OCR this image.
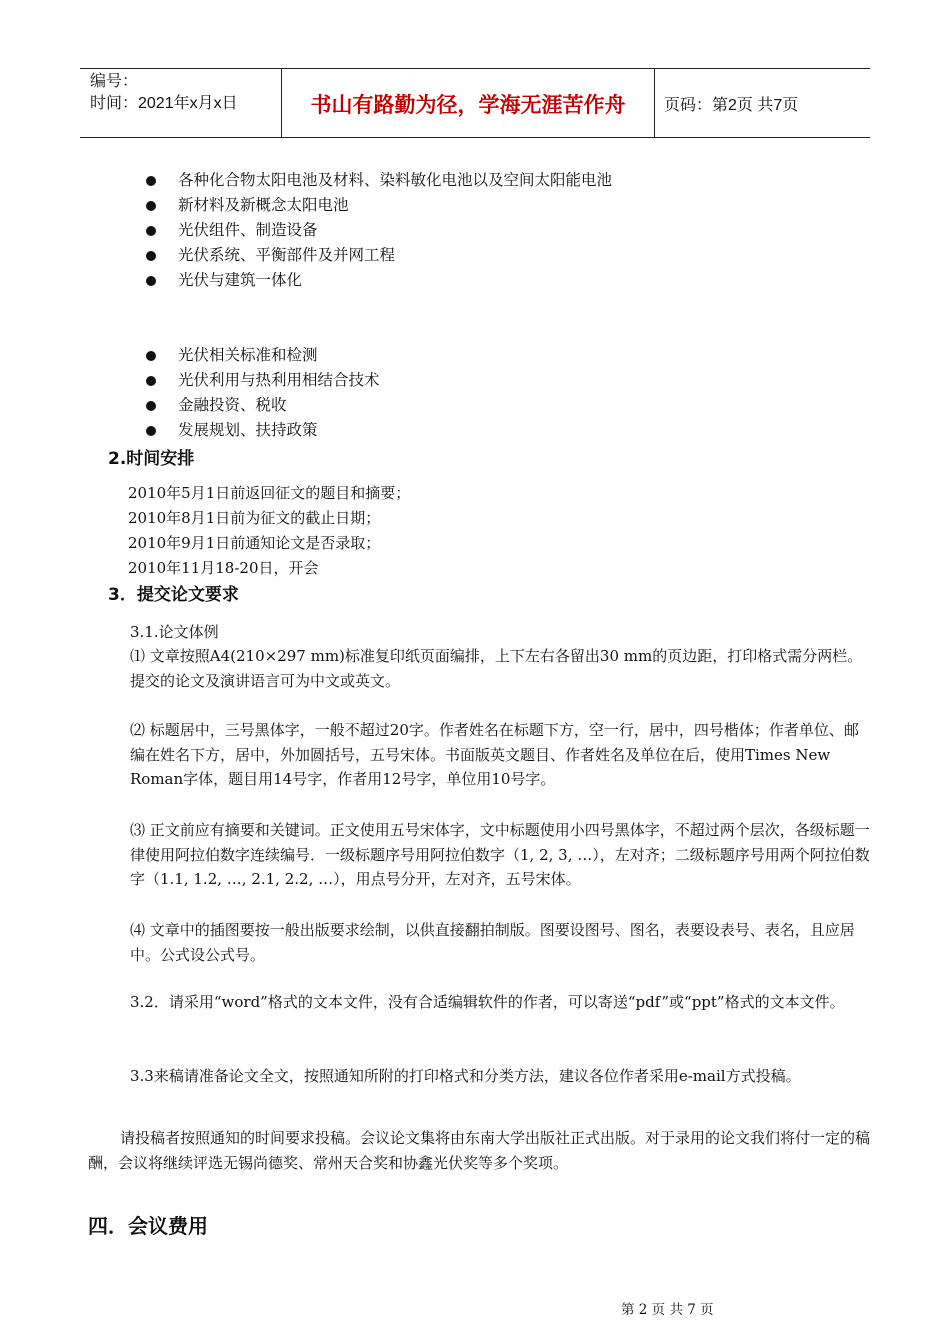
编号：
时间：2021年x月x日	书山有路勤为径，学海无涯苦作舟	页码：第2页 共7页
各种化合物太阳电池及材料、染料敏化电池以及空间太阳能电池
新材料及新概念太阳电池
光伏组件、制造设备
光伏系统、平衡部件及并网工程
光伏与建筑一体化
光伏相关标准和检测
光伏利用与热利用相结合技术
金融投资、税收
发展规划、扶持政策
2.时间安排
2010年5月1日前返回征文的题目和摘要；
2010年8月1日前为征文的截止日期；
2010年9月1日前通知论文是否录取；
2010年11月18-20日，开会
3．提交论文要求
3.1.论文体例
⑴ 文章按照A4(210×297 mm)标准复印纸页面编排，上下左右各留出30 mm的页边距，打印格式需分两栏。提交的论文及演讲语言可为中文或英文。
⑵ 标题居中，三号黑体字，一般不超过20字。作者姓名在标题下方，空一行，居中，四号楷体；作者单位、邮编在姓名下方，居中，外加圆括号，五号宋体。书面版英文题目、作者姓名及单位在后，使用Times New Roman字体，题目用14号字，作者用12号字，单位用10号字。
⑶ 正文前应有摘要和关键词。正文使用五号宋体字，文中标题使用小四号黑体字，不超过两个层次，各级标题一律使用阿拉伯数字连续编号．一级标题序号用阿拉伯数字（1, 2, 3, …），左对齐；二级标题序号用两个阿拉伯数字（1.1, 1.2, …, 2.1, 2.2, …），用点号分开，左对齐，五号宋体。
⑷ 文章中的插图要按一般出版要求绘制，以供直接翻拍制版。图要设图号、图名，表要设表号、表名，且应居中。公式设公式号。
3.2．请采用“word”格式的文本文件，没有合适编辑软件的作者，可以寄送“pdf”或“ppt”格式的文本文件。
3.3来稿请准备论文全文，按照通知所附的打印格式和分类方法，建议各位作者采用e-mail方式投稿。
请投稿者按照通知的时间要求投稿。会议论文集将由东南大学出版社正式出版。对于录用的论文我们将付一定的稿酬，会议将继续评选无锡尚德奖、常州天合奖和协鑫光伏奖等多个奖项。
四．会议费用
第 2 页 共 7 页
